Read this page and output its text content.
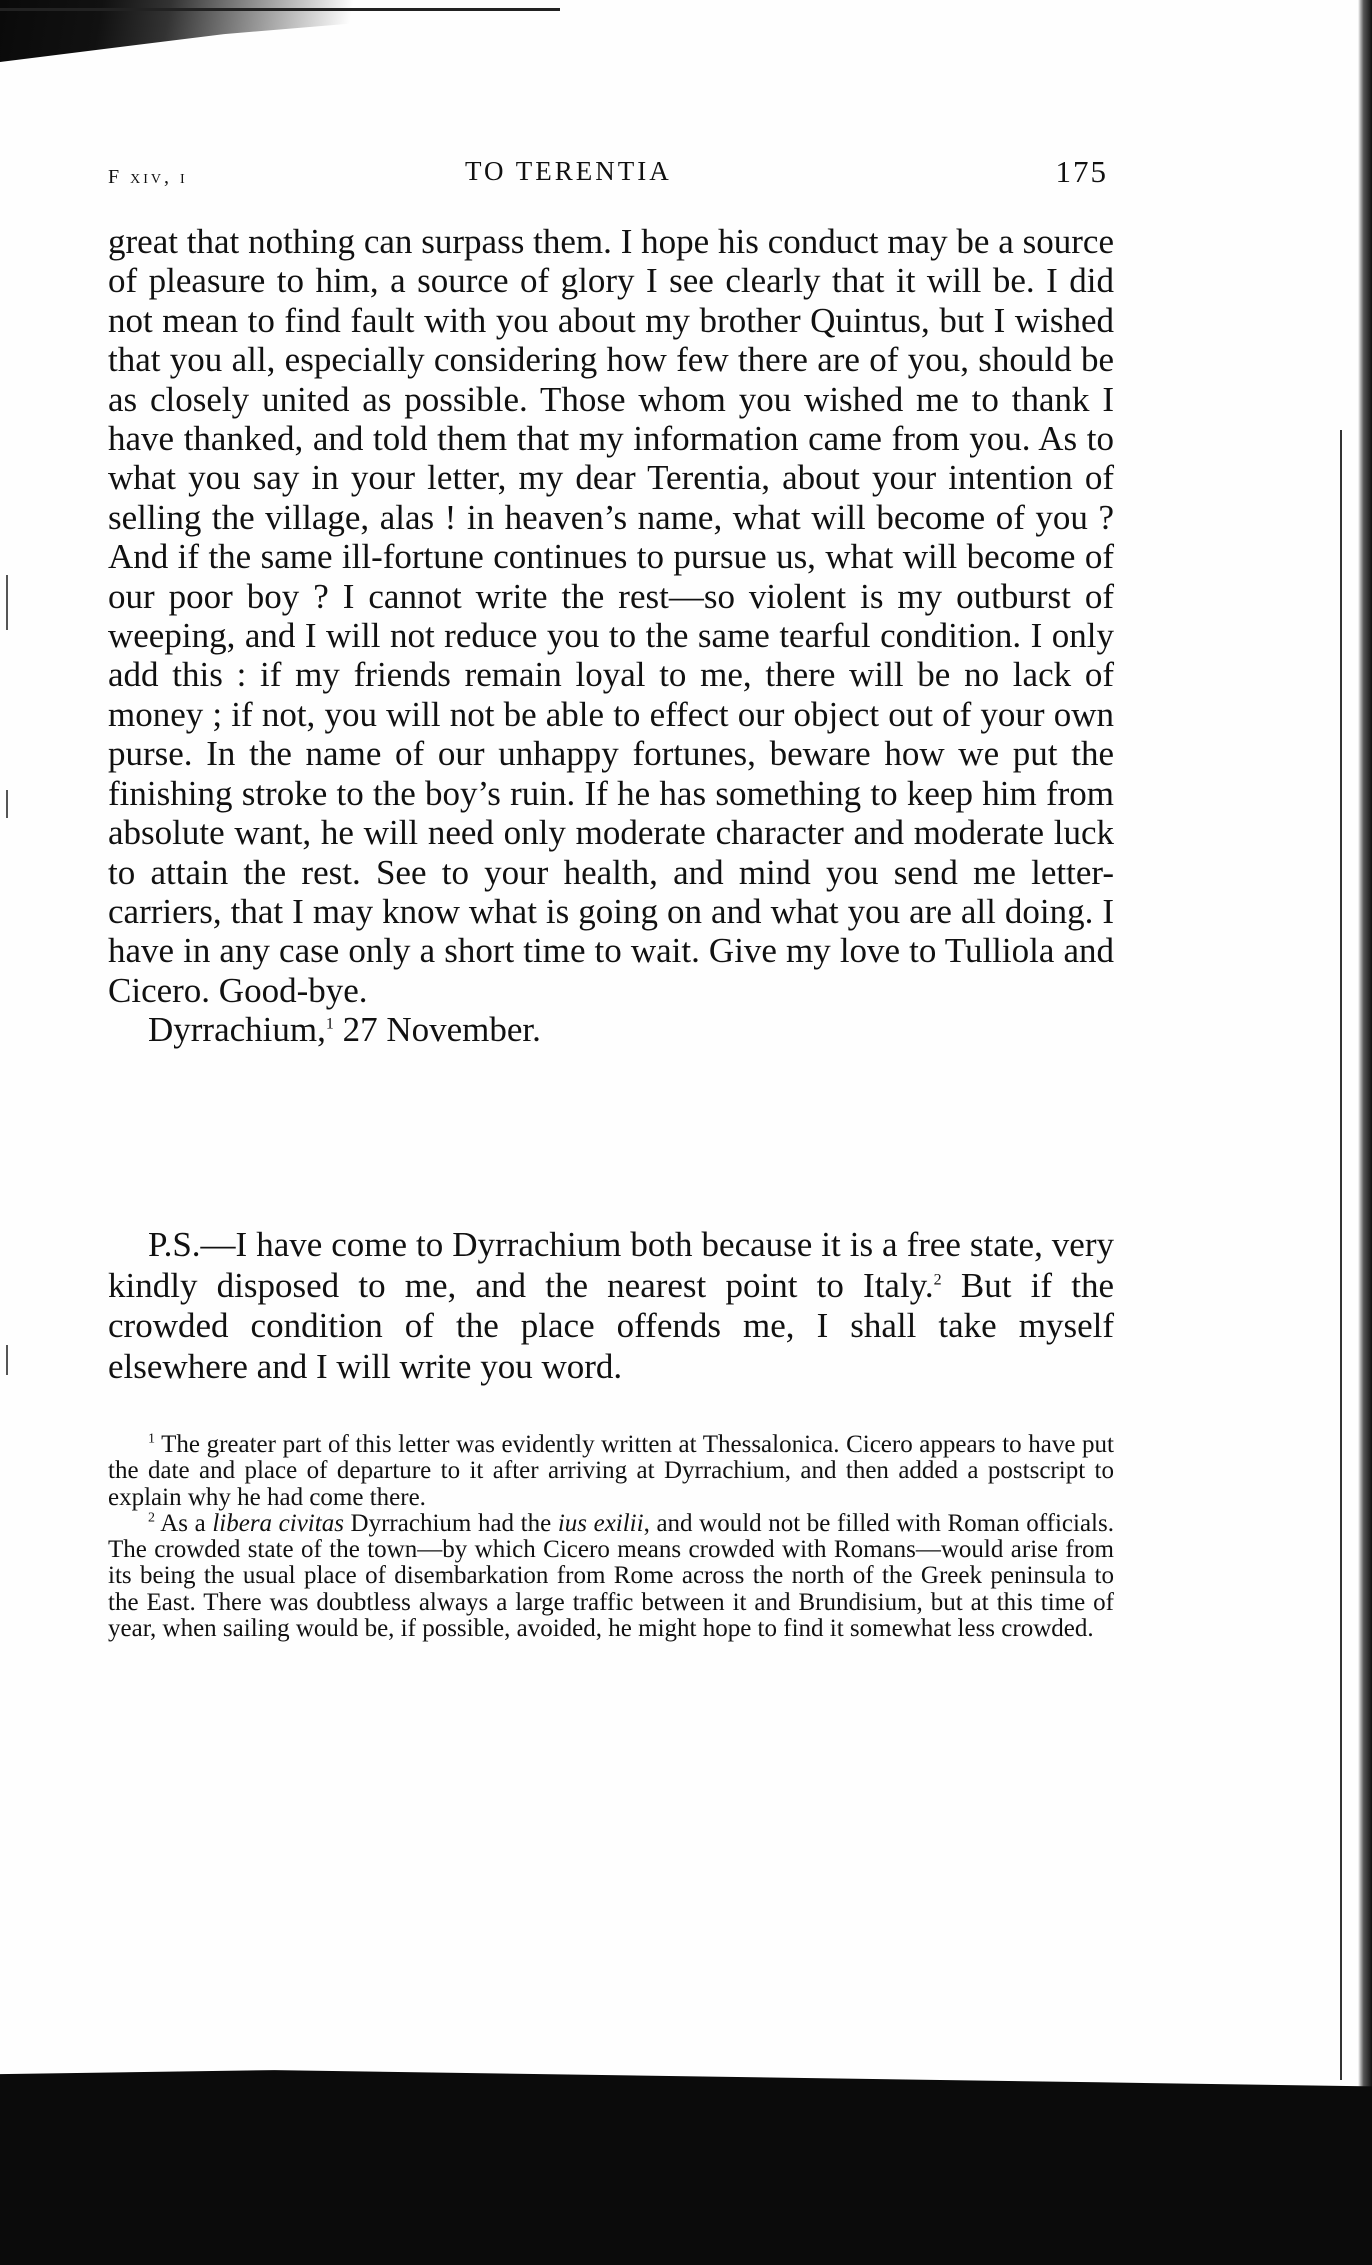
F xiv, i	TO TERENTIA	175

great that nothing can surpass them. I hope his conduct may be a source of pleasure to him, a source of glory I see clearly that it will be. I did not mean to find fault with you about my brother Quintus, but I wished that you all, especially considering how few there are of you, should be as closely united as possible. Those whom you wished me to thank I have thanked, and told them that my information came from you. As to what you say in your letter, my dear Terentia, about your intention of selling the village, alas ! in heaven’s name, what will become of you ? And if the same ill-fortune continues to pursue us, what will become of our poor boy ? I cannot write the rest—so violent is my outburst of weeping, and I will not reduce you to the same tearful condition. I only add this : if my friends remain loyal to me, there will be no lack of money ; if not, you will not be able to effect our object out of your own purse. In the name of our unhappy fortunes, beware how we put the finishing stroke to the boy’s ruin. If he has something to keep him from absolute want, he will need only moderate character and moderate luck to attain the rest. See to your health, and mind you send me letter-carriers, that I may know what is going on and what you are all doing. I have in any case only a short time to wait. Give my love to Tulliola and Cicero. Good-bye.

Dyrrachium,$^1$ 27 November.

P.S.—I have come to Dyrrachium both because it is a free state, very kindly disposed to me, and the nearest point to Italy.$^2$ But if the crowded condition of the place offends me, I shall take myself elsewhere and I will write you word.

$^1$ The greater part of this letter was evidently written at Thessalonica. Cicero appears to have put the date and place of departure to it after arriving at Dyrrachium, and then added a postscript to explain why he had come there.

$^2$ As a libera civitas Dyrrachium had the ius exilii, and would not be filled with Roman officials. The crowded state of the town—by which Cicero means crowded with Romans—would arise from its being the usual place of disembarkation from Rome across the north of the Greek peninsula to the East. There was doubtless always a large traffic between it and Brundisium, but at this time of year, when sailing would be, if possible, avoided, he might hope to find it somewhat less crowded.
